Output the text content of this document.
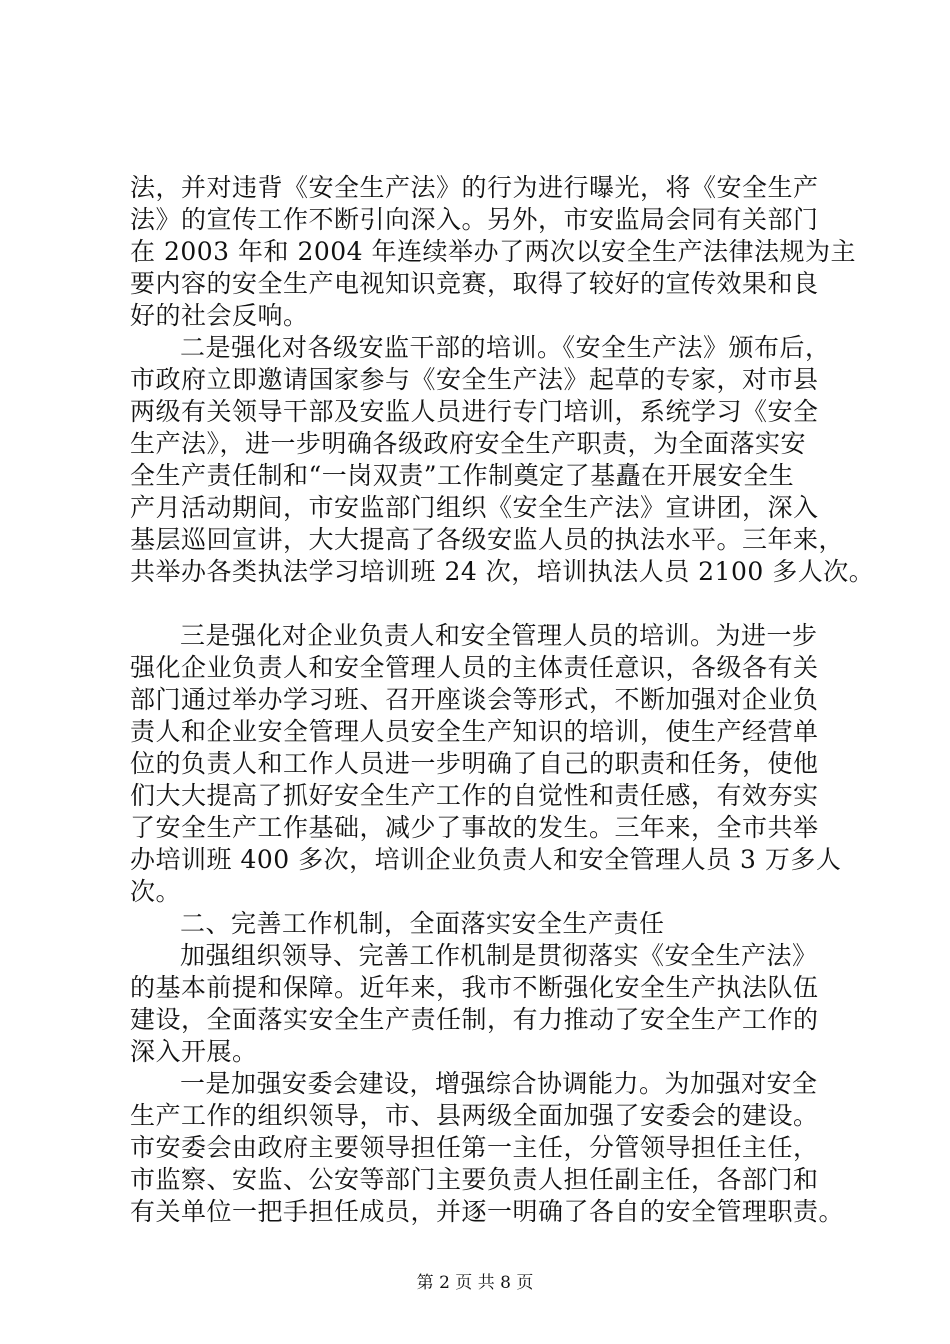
法，并对违背《安全生产法》的行为进行曝光，将《安全生产
法》的宣传工作不断引向深入。另外，市安监局会同有关部门
在 2003 年和 2004 年连续举办了两次以安全生产法律法规为主
要内容的安全生产电视知识竞赛，取得了较好的宣传效果和良
好的社会反响。
二是强化对各级安监干部的培训。《安全生产法》颁布后，
市政府立即邀请国家参与《安全生产法》起草的专家，对市县
两级有关领导干部及安监人员进行专门培训，系统学习《安全
生产法》，进一步明确各级政府安全生产职责，为全面落实安
全生产责任制和“一岗双责”工作制奠定了基矗在开展安全生
产月活动期间，市安监部门组织《安全生产法》宣讲团，深入
基层巡回宣讲，大大提高了各级安监人员的执法水平。三年来，
共举办各类执法学习培训班 24 次，培训执法人员 2100 多人次。
三是强化对企业负责人和安全管理人员的培训。为进一步
强化企业负责人和安全管理人员的主体责任意识，各级各有关
部门通过举办学习班、召开座谈会等形式，不断加强对企业负
责人和企业安全管理人员安全生产知识的培训，使生产经营单
位的负责人和工作人员进一步明确了自己的职责和任务，使他
们大大提高了抓好安全生产工作的自觉性和责任感，有效夯实
了安全生产工作基础，减少了事故的发生。三年来，全市共举
办培训班 400 多次，培训企业负责人和安全管理人员 3 万多人
次。
二、完善工作机制，全面落实安全生产责任
加强组织领导、完善工作机制是贯彻落实《安全生产法》
的基本前提和保障。近年来，我市不断强化安全生产执法队伍
建设，全面落实安全生产责任制，有力推动了安全生产工作的
深入开展。
一是加强安委会建设，增强综合协调能力。为加强对安全
生产工作的组织领导，市、县两级全面加强了安委会的建设。
市安委会由政府主要领导担任第一主任，分管领导担任主任，
市监察、安监、公安等部门主要负责人担任副主任，各部门和
有关单位一把手担任成员，并逐一明确了各自的安全管理职责。
第 2 页 共 8 页
